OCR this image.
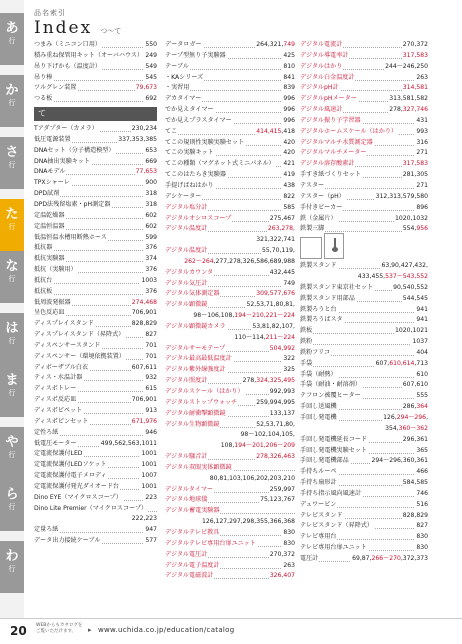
あ
行
か
行
さ
行
た
行
な
行
は
行
ま
行
や
行
ら
行
わ
行
品名索引
Index つ～て
つまみ（ミニコン口用）	550
積み重ね保管用キット（オーバハウス） 249
吊り下げかも（温度計）	549
吊り棒	545
ツルグレン装置	79,673
つる板	692
て
Tアダプター（カメラ）	230,234
低圧電源装置	337,353,385
DNAセット（分子構造模型）	653
DNA抽出実験キット	669
DNAモデル	77,653
TPXシャーレ	900
DPD試剤	318
DPD法残留塩素・pH測定器	318
定温乾燥器	602
定温恒温器	602
低温恒温水槽用断熱ホース	599
抵抗器	376
抵抗実験器	374
抵抗（実験用）	376
抵抗台	1003
抵抗板	376
低周波発振器	274,468
呈色反応皿	706,901
ディスプレイスタンド	828,829
ディスプレイスタンド（昇降式）	827
ディスペンサースタンド	701
ディスペンサー（環境依拠装置）	701
ディボーザブル白衣	607,611
ティス・水温計器	932
ディスボトレー	615
ディスポ反応皿	706,901
ディスポピペット	913
ディスポピンセット	671,976
定性ろ紙	946
低電圧モーター	499,562,563,1011
定電流保護付LED	1001
定電流保護付LEDソケット	1001
定電流保護付電子メロディ	1007
定電流保護付発光ダイオード台	1001
Dino EYE（マイクロスコープ）	223
Dino Lite Premier（マイクロスコープ）
222,223
定量ろ紙	947
データ出力接続ケーブル	577
データロガー	264,321,749
テープ型無り子実験器	425
テーブル	810
・KAシリーズ	841
・実習用	839
デカタイマー	996
でか見えタイマー	996
でか見えプラスタイマー	996
てこ	414,415,418
てこの規則性実験実験セット	420
てこの実験キット	420
てこの種類（マグネット式ミニパネル） 421
てこのはたらき実験器	419
手提げばねはかり	438
デシケーター	822
デジタル塩分計	585
デジタルオシロスコープ	275,467
デジタル温度計	263,278,
321,322,741
デジタル温度計	55,70,119,
262～264,277,278,326,586,689,988
デジタルカウンタ	432,445
デジタル気圧計	749
デジタル気体測定器	309,577,676
デジタル顕微鏡	52,53,71,80,81,
98～106,108,194～210,221～224
デジタル顕微鏡カメラ	53,81,82,107,
110～114,211～224
デジタルサーモテープ	504,992
デジタル最高最低温度計	322
デジタル紫外線強度計	325
デジタル照度計	278,324,325,495
デジタルスケール（はかり）	992,993
デジタルストップウォッチ	259,994,995
デジタル耐衝撃顕微鏡	133,137
デジタル生物顕微鏡	52,53,71,80,
98～102,104,105,
108,194～201,206～209
デジタル騒音計	278,326,463
デジタル双眼実体顕微鏡
80,81,103,106,202,203,210
デジタルタイマー	259,997
デジタル地球儀	75,123,767
デジタル蓄電実験器
126,127,297,298,355,366,368
デジタルテレビ教具	830
デジタルテレビ専用台扉ユニット	830
デジタル電圧計	270,372
デジタル電子温度計	263
デジタル電磁波計	326,407
デジタル電流計	270,372
デジタル導電率計	317,583
デジタルはかり	244～246,250
デジタル白金温度計	263
デジタルpH計	314,581
デジタルpHメーター	313,581,582
デジタル風速計	278,327,746
デジタル振り子学習器	431
デジタルホームスケール（はかり）	993
デジタルマルチ水質測定器	316
デジタルマルチメーター	271
デジタル溶存酸素計	317,583
手すき紙づくりセット	281,305
テスター	271
テスター（pH）	312,313,579,580
手付きビーカー	896
鉄（金属片）	1020,1032
鉄製三脚	554,956
鉄製スタンド	63,90,427,432,
433,455,537～543,552
鉄製スタンド東京社セット	90,540,552
鉄製スタンド用部品	544,545
鉄製ろうと台	941
鉄製ろうばスタ	941
鉄板	1020,1021
鉄粉	1037
鉄粉フリコ	404
手袋	607,610,614,713
手袋（耐熱）	610
手袋（耐油・耐溶剤）	607,610
テフロン被覆ヒーター	555
手回し送風機	286,364
手回し発電機	126,294～296,
354,360～362
手回し発電機延長コード	296,361
手回し発電機実験セット	365
手回し発電機部品	294～296,360,361
手持ちルーペ	466
手持ち扇形計	584,585
手持ち指示風向風速計	746
デュワービン	516
テレビスタンド	828,829
テレビスタンド（昇降式）	827
テレビ専用台	830
テレビ専用台扉ユニット	830
電圧計	69,87,266～270,372,373
20 WEBからもカタログをご覧いただけます。	▸ www.uchida.co.jp/education/catalog
